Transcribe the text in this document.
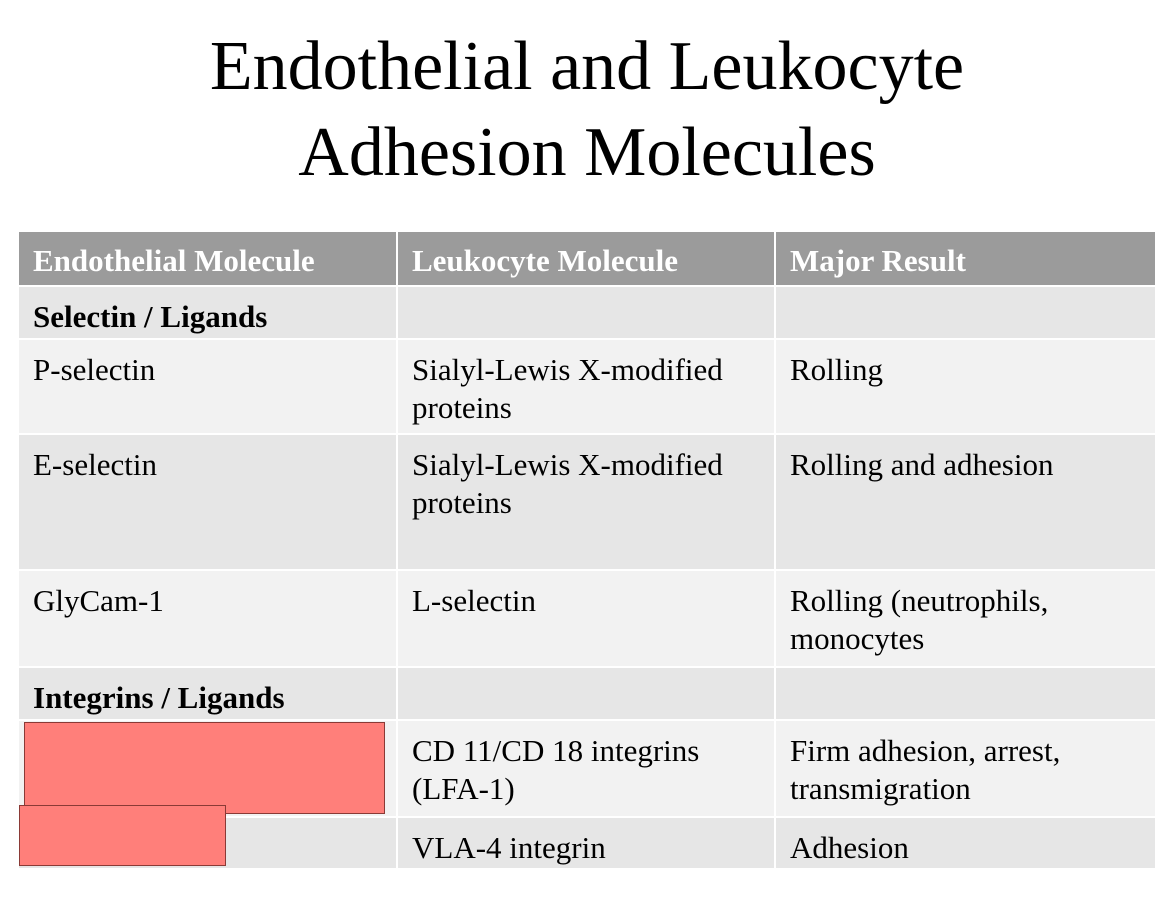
Endothelial and Leukocyte
Adhesion Molecules
Endothelial Molecule	Leukocyte Molecule	Major Result
Selectin / Ligands		
P-selectin	Sialyl-Lewis X-modified proteins	Rolling
E-selectin	Sialyl-Lewis X-modified proteins	Rolling and adhesion
GlyCam-1	L-selectin	Rolling (neutrophils, monocytes
Integrins / Ligands		
	CD 11/CD 18 integrins (LFA-1)	Firm adhesion, arrest, transmigration
	VLA-4 integrin	Adhesion
